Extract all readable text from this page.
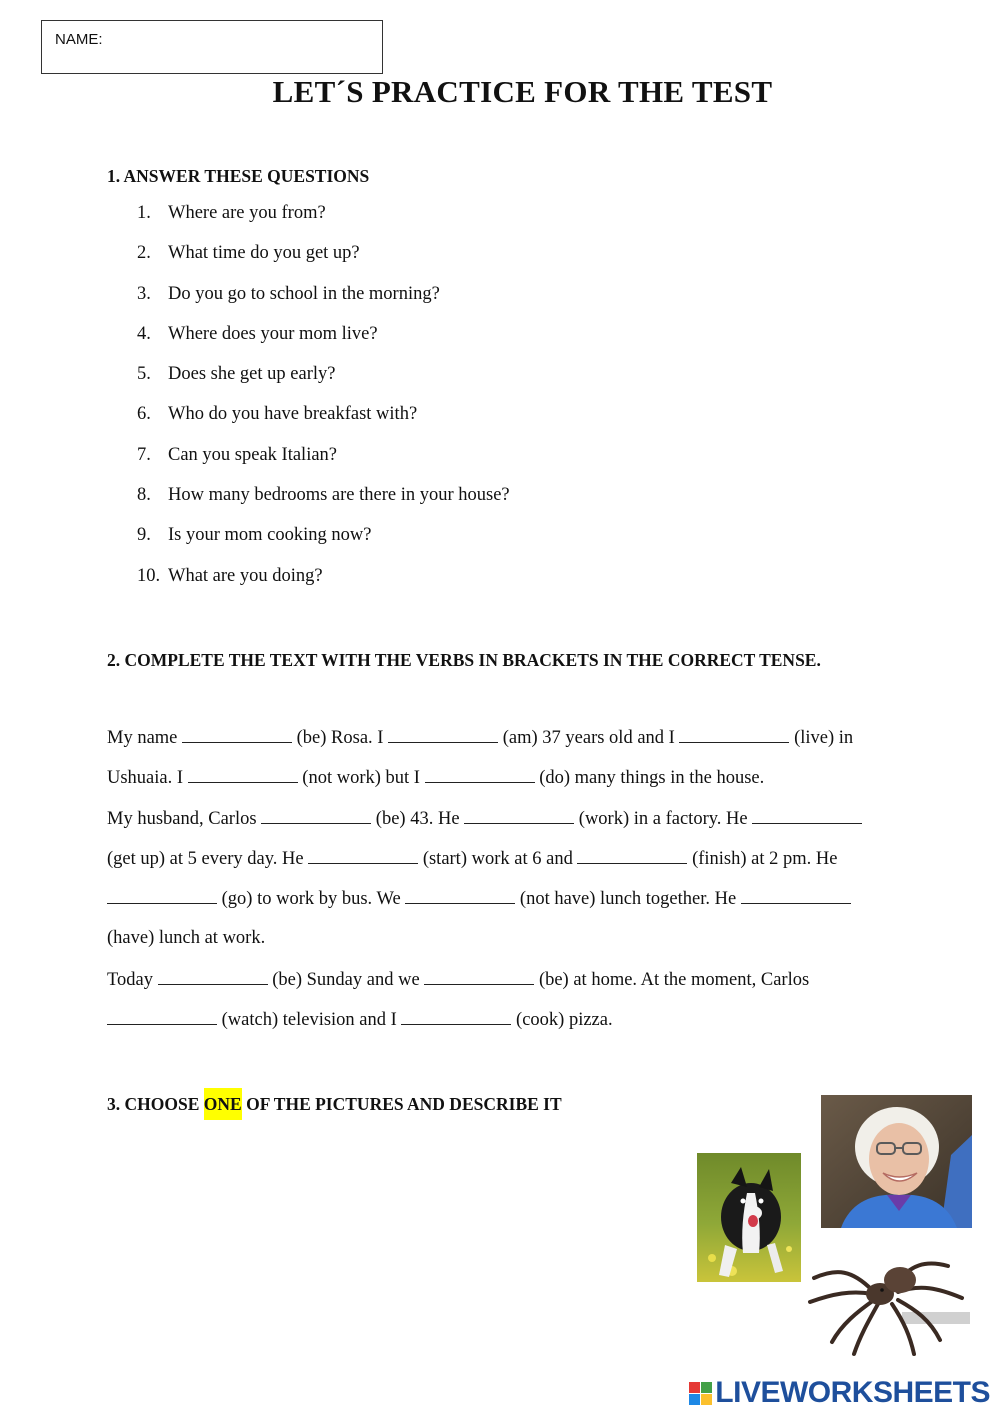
NAME:
LET´S PRACTICE FOR THE TEST
1. ANSWER THESE QUESTIONS
1. Where are you from?
2. What time do you get up?
3. Do you go to school in the morning?
4. Where does your mom live?
5. Does she get up early?
6. Who do you have breakfast with?
7. Can you speak Italian?
8. How many bedrooms are there in your house?
9. Is your mom cooking now?
10. What are you doing?
2. COMPLETE THE TEXT WITH THE VERBS IN BRACKETS IN THE CORRECT TENSE.
My name	(be) Rosa. I	(am) 37 years old and I	(live) in
Ushuaia. I	(not work) but I	(do) many things in the house.
My husband, Carlos	(be) 43. He	(work) in a factory. He
(get up) at 5 every day. He	(start) work at 6 and	(finish) at 2 pm. He
(go) to work by bus. We	(not have) lunch together. He
(have) lunch at work.
Today	(be) Sunday and we	(be) at home. At the moment, Carlos
(watch) television and I	(cook) pizza.
3. CHOOSE ONE OF THE PICTURES AND DESCRIBE IT
LIVEWORKSHEETS
